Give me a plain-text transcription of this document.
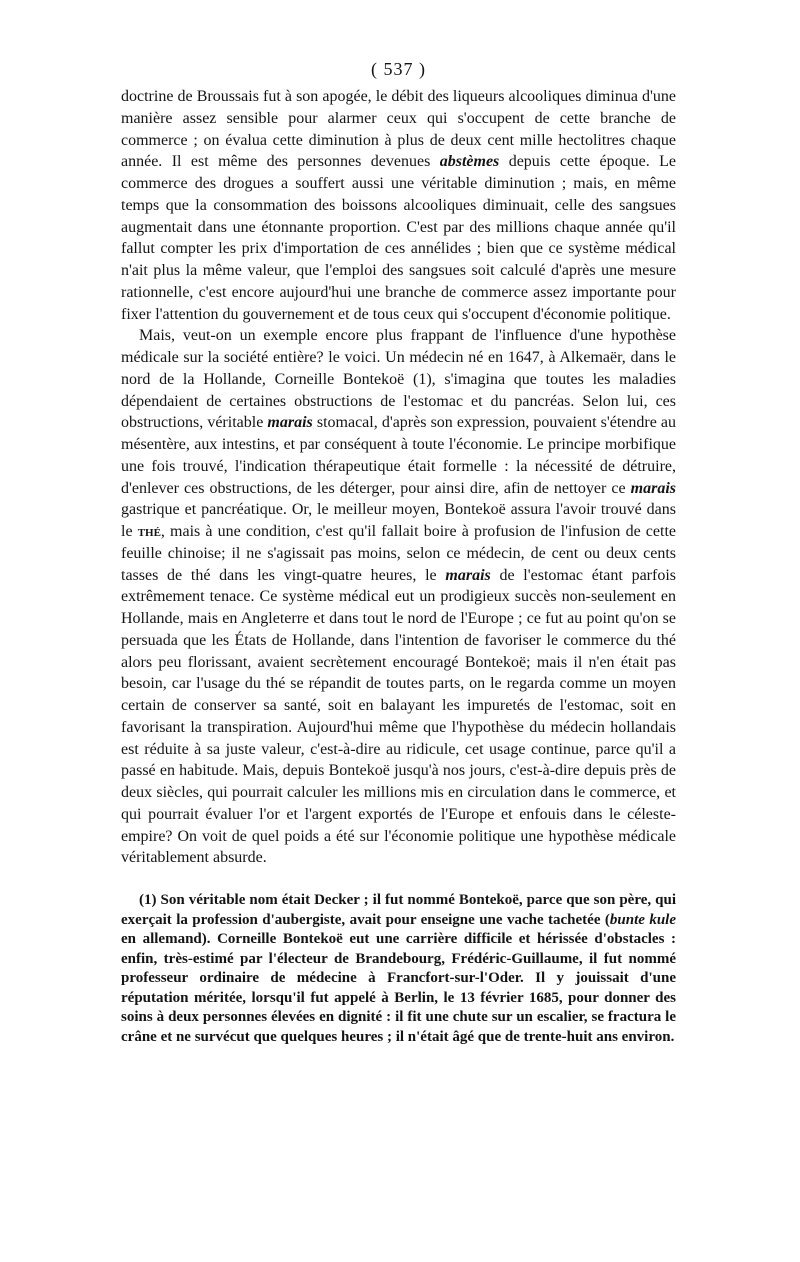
( 537 )

doctrine de Broussais fut à son apogée, le débit des liqueurs alcooliques diminua d'une manière assez sensible pour alarmer ceux qui s'occupent de cette branche de commerce ; on évalua cette diminution à plus de deux cent mille hectolitres chaque année. Il est même des personnes devenues abstèmes depuis cette époque. Le commerce des drogues a souffert aussi une véritable diminution ; mais, en même temps que la consommation des boissons alcooliques diminuait, celle des sangsues augmentait dans une étonnante proportion. C'est par des millions chaque année qu'il fallut compter les prix d'importation de ces annélides ; bien que ce système médical n'ait plus la même valeur, que l'emploi des sangsues soit calculé d'après une mesure rationnelle, c'est encore aujourd'hui une branche de commerce assez importante pour fixer l'attention du gouvernement et de tous ceux qui s'occupent d'économie politique.

Mais, veut-on un exemple encore plus frappant de l'influence d'une hypothèse médicale sur la société entière? le voici. Un médecin né en 1647, à Alkemaër, dans le nord de la Hollande, Corneille Bontekoë (1), s'imagina que toutes les maladies dépendaient de certaines obstructions de l'estomac et du pancréas. Selon lui, ces obstructions, véritable marais stomacal, d'après son expression, pouvaient s'étendre au mésentère, aux intestins, et par conséquent à toute l'économie. Le principe morbifique une fois trouvé, l'indication thérapeutique était formelle : la nécessité de détruire, d'enlever ces obstructions, de les déterger, pour ainsi dire, afin de nettoyer ce marais gastrique et pancréatique. Or, le meilleur moyen, Bontekoë assura l'avoir trouvé dans le thé, mais à une condition, c'est qu'il fallait boire à profusion de l'infusion de cette feuille chinoise; il ne s'agissait pas moins, selon ce médecin, de cent ou deux cents tasses de thé dans les vingt-quatre heures, le marais de l'estomac étant parfois extrêmement tenace. Ce système médical eut un prodigieux succès non-seulement en Hollande, mais en Angleterre et dans tout le nord de l'Europe ; ce fut au point qu'on se persuada que les États de Hollande, dans l'intention de favoriser le commerce du thé alors peu florissant, avaient secrètement encouragé Bontekoë; mais il n'en était pas besoin, car l'usage du thé se répandit de toutes parts, on le regarda comme un moyen certain de conserver sa santé, soit en balayant les impuretés de l'estomac, soit en favorisant la transpiration. Aujourd'hui même que l'hypothèse du médecin hollandais est réduite à sa juste valeur, c'est-à-dire au ridicule, cet usage continue, parce qu'il a passé en habitude. Mais, depuis Bontekoë jusqu'à nos jours, c'est-à-dire depuis près de deux siècles, qui pourrait calculer les millions mis en circulation dans le commerce, et qui pourrait évaluer l'or et l'argent exportés de l'Europe et enfouis dans le céleste-empire? On voit de quel poids a été sur l'économie politique une hypothèse médicale véritablement absurde.

(1) Son véritable nom était Decker ; il fut nommé Bontekoë, parce que son père, qui exerçait la profession d'aubergiste, avait pour enseigne une vache tachetée (bunte kule en allemand). Corneille Bontekoë eut une carrière difficile et hérissée d'obstacles : enfin, très-estimé par l'électeur de Brandebourg, Frédéric-Guillaume, il fut nommé professeur ordinaire de médecine à Francfort-sur-l'Oder. Il y jouissait d'une réputation méritée, lorsqu'il fut appelé à Berlin, le 13 février 1685, pour donner des soins à deux personnes élevées en dignité : il fit une chute sur un escalier, se fractura le crâne et ne survécut que quelques heures ; il n'était âgé que de trente-huit ans environ.
